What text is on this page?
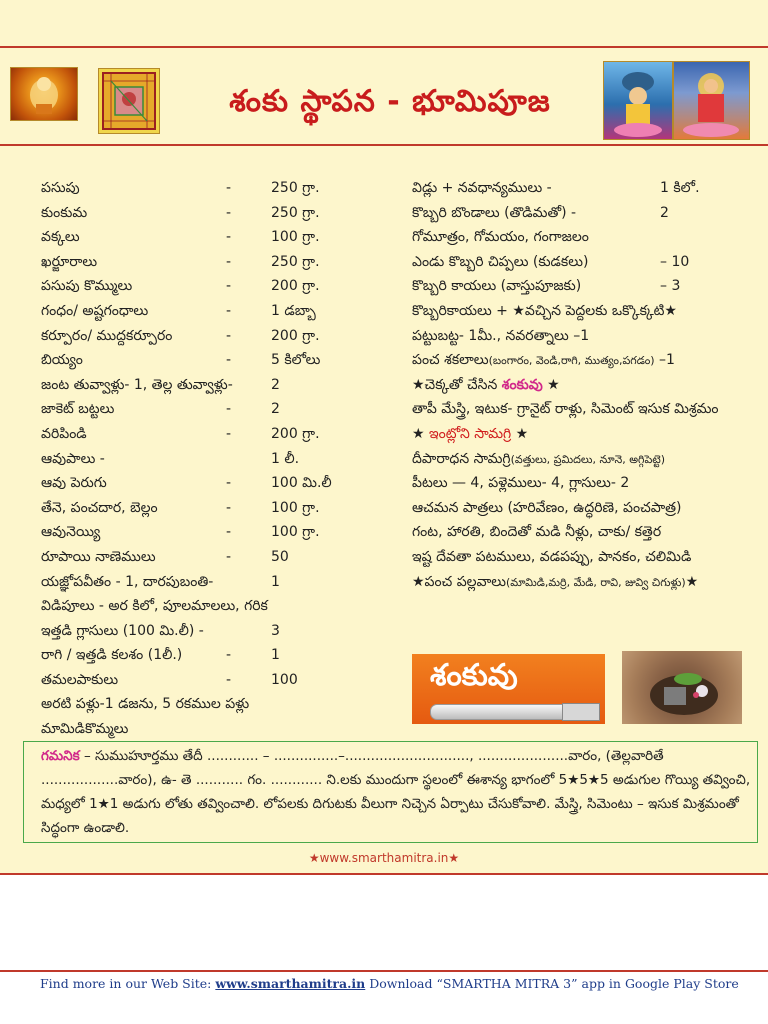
శంకు స్థాపన - భూమిపూజ
పసుపు	-	250 గ్రా.
కుంకుమ	-	250 గ్రా.
వక్కలు	-	100 గ్రా.
ఖర్జూరాలు	-	250 గ్రా.
పసుపు కొమ్ములు	-	200 గ్రా.
గంధం/ అష్టగంధాలు	-	1 డబ్బా
కర్పూరం/ ముద్దకర్పూరం	-	200 గ్రా.
బియ్యం	-	5 కిలోలు
జంట తువ్వాళ్లు- 1, తెల్ల తువ్వాళ్లు-	2
జాకెట్ బట్టలు	-	2
వరిపిండి	-	200 గ్రా.
ఆవుపాలు -	1 లీ.
ఆవు పెరుగు	-	100 మి.లీ
తేనె, పంచదార, బెల్లం	-	100 గ్రా.
ఆవునెయ్యి	-	100 గ్రా.
రూపాయి నాణెములు	-	50
యజ్ఞోపవీతం - 1, దారపుబంతి-	1
విడిపూలు - అర కిలో, పూలమాలలు, గరిక
ఇత్తడి గ్లాసులు (100 మి.లీ) -	3
రాగి / ఇత్తడి కలశం (1లీ.)	-	1
తమలపాకులు	-	100
అరటి పళ్లు-1 డజను, 5 రకముల పళ్లు
మామిడికొమ్మలు
విడ్లు + నవధాన్యములు -	1 కిలో.
కొబ్బరి బొండాలు (తొడిమతో) -	2
గోమూత్రం, గోమయం, గంగాజలం
ఎండు కొబ్బరి చిప్పలు (కుడకలు)	– 10
కొబ్బరి కాయలు (వాస్తుపూజకు)	– 3
కొబ్బరికాయలు + ★వచ్చిన పెద్దలకు ఒక్కొక్కటి★
పట్టుబట్ట- 1మీ., నవరత్నాలు –1
పంచ శకలాలు(బంగారం, వెండి,రాగి, ముత్యం,పగడం) –1
★చెక్కతో చేసిన శంకువు ★
తాపీ మేస్త్రి, ఇటుక- గ్రానైట్ రాళ్లు, సిమెంట్ ఇసుక మిశ్రమం
★ ఇంట్లోని సామగ్రి ★
దీపారాధన సామగ్రి(వత్తులు, ప్రమిదలు, నూనె, అగ్గిపెట్టె)
పీటలు — 4, పళ్లెములు- 4, గ్లాసులు- 2
ఆచమన పాత్రలు (హరివేణం, ఉద్ధరిణె, పంచపాత్ర)
గంట, హారతి, బిందెతో మడి నీళ్లు, చాకు/ కత్తెర
ఇష్ట దేవతా పటములు, వడపప్పు, పానకం, చలిమిడి
★పంచ పల్లవాలు(మామిడి,మర్రి, మేడి, రావి, జువ్వి చిగుళ్లు)★
శంకువు
గమనిక – సుముహూర్తము తేదీ ............ – ...............–............................., .....................వారం, (తెల్లవారితే ..................వారం), ఉ- తె ........... గం. ............ ని.లకు ముందుగా స్థలంలో ఈశాన్య భాగంలో 5★5★5 అడుగుల గొయ్యి తవ్వించి, మధ్యలో 1★1 అడుగు లోతు తవ్వించాలి. లోపలకు దిగుటకు వీలుగా నిచ్చెన ఏర్పాటు చేసుకోవాలి. మేస్త్రి, సిమెంటు – ఇసుక మిశ్రమంతో సిద్ధంగా ఉండాలి.
★www.smarthamitra.in★
Find more in our Web Site: www.smarthamitra.in Download “SMARTHA MITRA 3” app in Google Play Store
